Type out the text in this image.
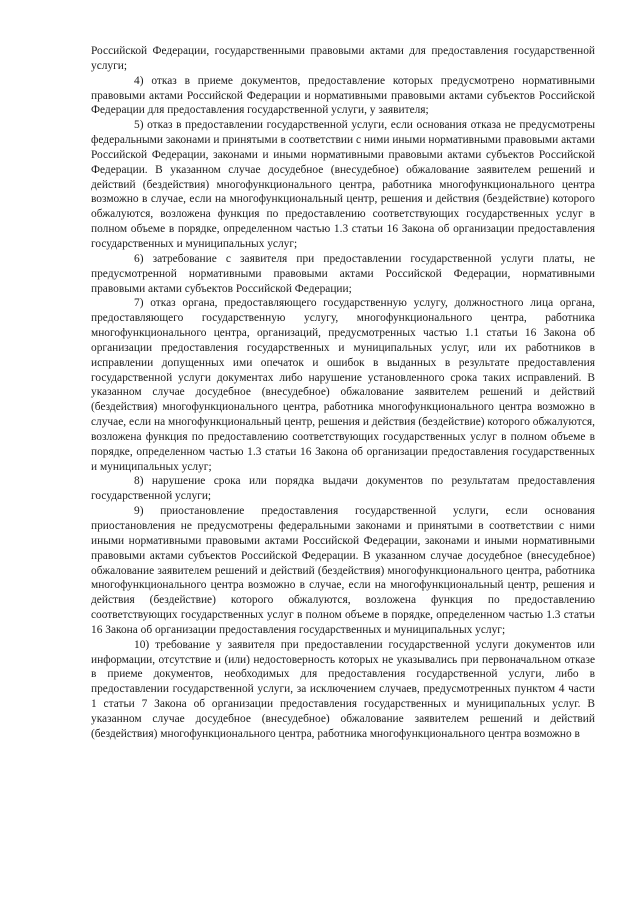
Российской Федерации, государственными правовыми актами для предоставления государственной услуги;

4) отказ в приеме документов, предоставление которых предусмотрено нормативными правовыми актами Российской Федерации и нормативными правовыми актами субъектов Российской Федерации для предоставления государственной услуги, у заявителя;

5) отказ в предоставлении государственной услуги, если основания отказа не предусмотрены федеральными законами и принятыми в соответствии с ними иными нормативными правовыми актами Российской Федерации, законами и иными нормативными правовыми актами субъектов Российской Федерации. В указанном случае досудебное (внесудебное) обжалование заявителем решений и действий (бездействия) многофункционального центра, работника многофункционального центра возможно в случае, если на многофункциональный центр, решения и действия (бездействие) которого обжалуются, возложена функция по предоставлению соответствующих государственных услуг в полном объеме в порядке, определенном частью 1.3 статьи 16 Закона об организации предоставления государственных и муниципальных услуг;

6) затребование с заявителя при предоставлении государственной услуги платы, не предусмотренной нормативными правовыми актами Российской Федерации, нормативными правовыми актами субъектов Российской Федерации;

7) отказ органа, предоставляющего государственную услугу, должностного лица органа, предоставляющего государственную услугу, многофункционального центра, работника многофункционального центра, организаций, предусмотренных частью 1.1 статьи 16 Закона об организации предоставления государственных и муниципальных услуг, или их работников в исправлении допущенных ими опечаток и ошибок в выданных в результате предоставления государственной услуги документах либо нарушение установленного срока таких исправлений. В указанном случае досудебное (внесудебное) обжалование заявителем решений и действий (бездействия) многофункционального центра, работника многофункционального центра возможно в случае, если на многофункциональный центр, решения и действия (бездействие) которого обжалуются, возложена функция по предоставлению соответствующих государственных услуг в полном объеме в порядке, определенном частью 1.3 статьи 16 Закона об организации предоставления государственных и муниципальных услуг;

8) нарушение срока или порядка выдачи документов по результатам предоставления государственной услуги;

9) приостановление предоставления государственной услуги, если основания приостановления не предусмотрены федеральными законами и принятыми в соответствии с ними иными нормативными правовыми актами Российской Федерации, законами и иными нормативными правовыми актами субъектов Российской Федерации. В указанном случае досудебное (внесудебное) обжалование заявителем решений и действий (бездействия) многофункционального центра, работника многофункционального центра возможно в случае, если на многофункциональный центр, решения и действия (бездействие) которого обжалуются, возложена функция по предоставлению соответствующих государственных услуг в полном объеме в порядке, определенном частью 1.3 статьи 16 Закона об организации предоставления государственных и муниципальных услуг;

10) требование у заявителя при предоставлении государственной услуги документов или информации, отсутствие и (или) недостоверность которых не указывались при первоначальном отказе в приеме документов, необходимых для предоставления государственной услуги, либо в предоставлении государственной услуги, за исключением случаев, предусмотренных пунктом 4 части 1 статьи 7 Закона об организации предоставления государственных и муниципальных услуг. В указанном случае досудебное (внесудебное) обжалование заявителем решений и действий (бездействия) многофункционального центра, работника многофункционального центра возможно в
